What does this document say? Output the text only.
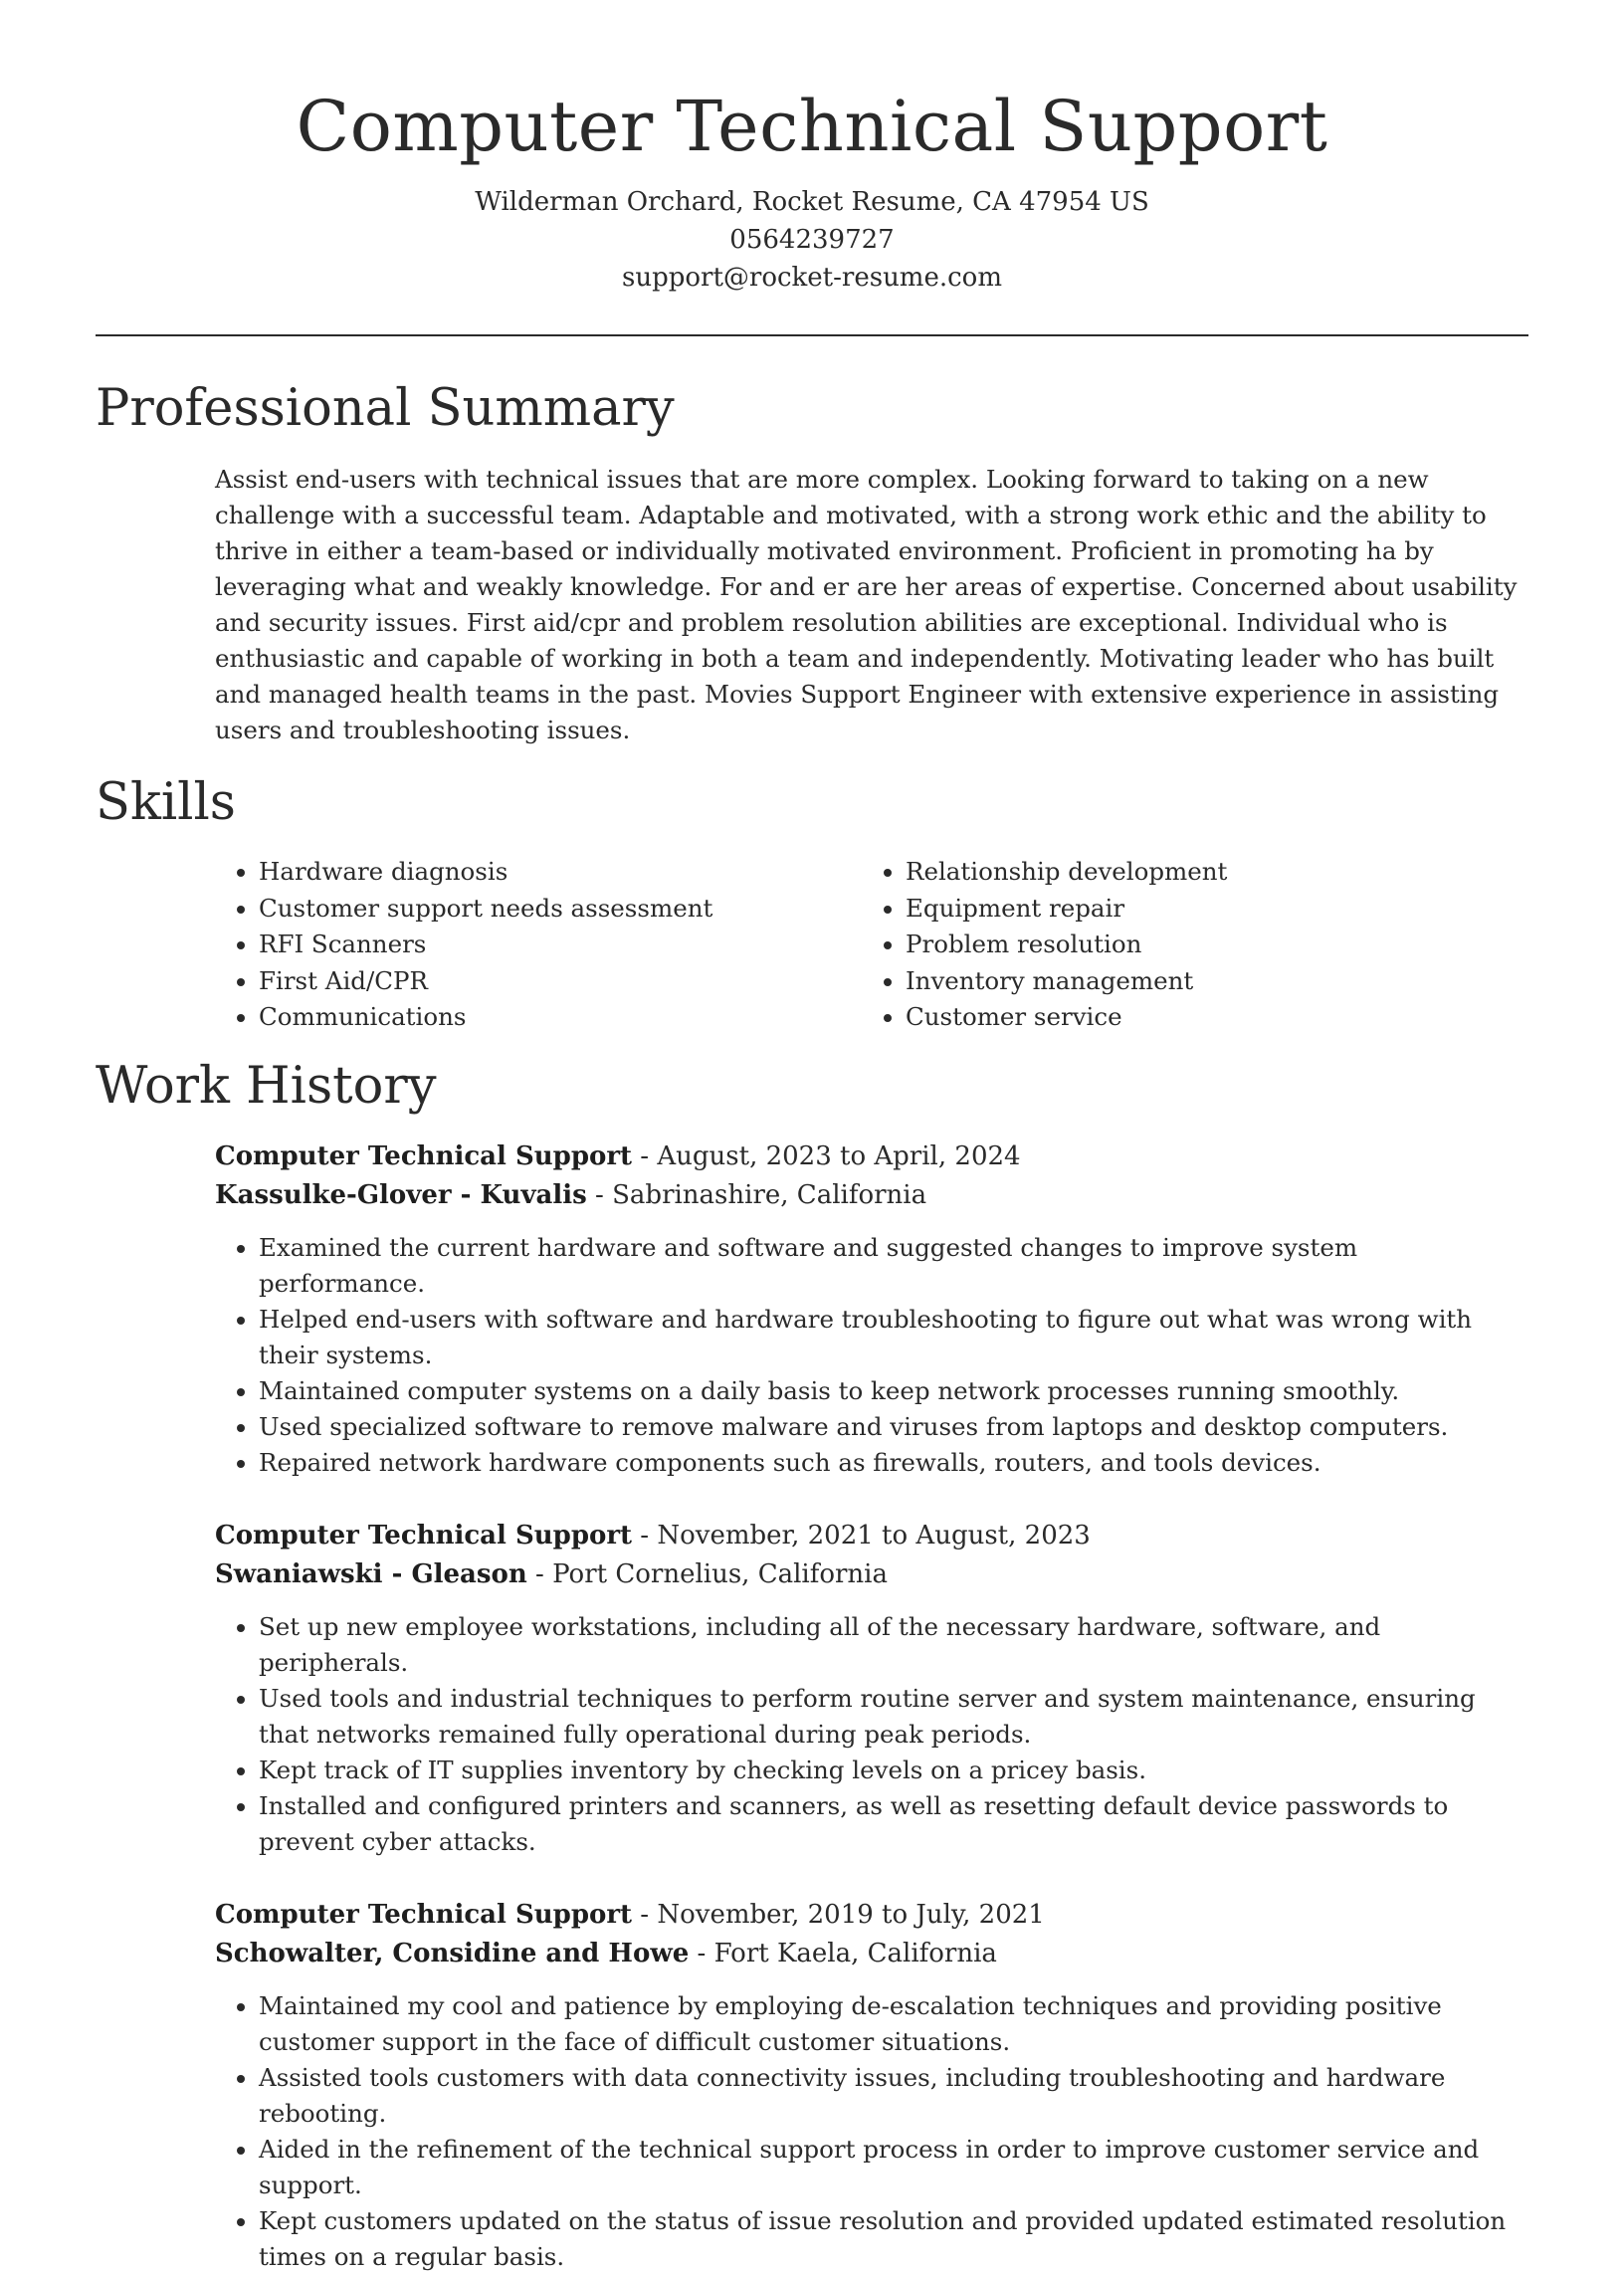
Computer Technical Support
Wilderman Orchard, Rocket Resume, CA 47954 US
0564239727
support@rocket-resume.com
Professional Summary

Assist end-users with technical issues that are more complex. Looking forward to taking on a new challenge with a successful team. Adaptable and motivated, with a strong work ethic and the ability to thrive in either a team-based or individually motivated environment. Proficient in promoting ha by leveraging what and weakly knowledge. For and er are her areas of expertise. Concerned about usability and security issues. First aid/cpr and problem resolution abilities are exceptional. Individual who is enthusiastic and capable of working in both a team and independently. Motivating leader who has built and managed health teams in the past. Movies Support Engineer with extensive experience in assisting users and troubleshooting issues.

Skills
• Hardware diagnosis
• Customer support needs assessment
• RFI Scanners
• First Aid/CPR
• Communications
• Relationship development
• Equipment repair
• Problem resolution
• Inventory management
• Customer service
Work History
Computer Technical Support - August, 2023 to April, 2024
Kassulke-Glover - Kuvalis - Sabrinashire, California
• Examined the current hardware and software and suggested changes to improve system performance.
• Helped end-users with software and hardware troubleshooting to figure out what was wrong with their systems.
• Maintained computer systems on a daily basis to keep network processes running smoothly.
• Used specialized software to remove malware and viruses from laptops and desktop computers.
• Repaired network hardware components such as firewalls, routers, and tools devices.
Computer Technical Support - November, 2021 to August, 2023
Swaniawski - Gleason - Port Cornelius, California
• Set up new employee workstations, including all of the necessary hardware, software, and peripherals.
• Used tools and industrial techniques to perform routine server and system maintenance, ensuring that networks remained fully operational during peak periods.
• Kept track of IT supplies inventory by checking levels on a pricey basis.
• Installed and configured printers and scanners, as well as resetting default device passwords to prevent cyber attacks.
Computer Technical Support - November, 2019 to July, 2021
Schowalter, Considine and Howe - Fort Kaela, California
• Maintained my cool and patience by employing de-escalation techniques and providing positive customer support in the face of difficult customer situations.
• Assisted tools customers with data connectivity issues, including troubleshooting and hardware rebooting.
• Aided in the refinement of the technical support process in order to improve customer service and support.
• Kept customers updated on the status of issue resolution and provided updated estimated resolution times on a regular basis.
